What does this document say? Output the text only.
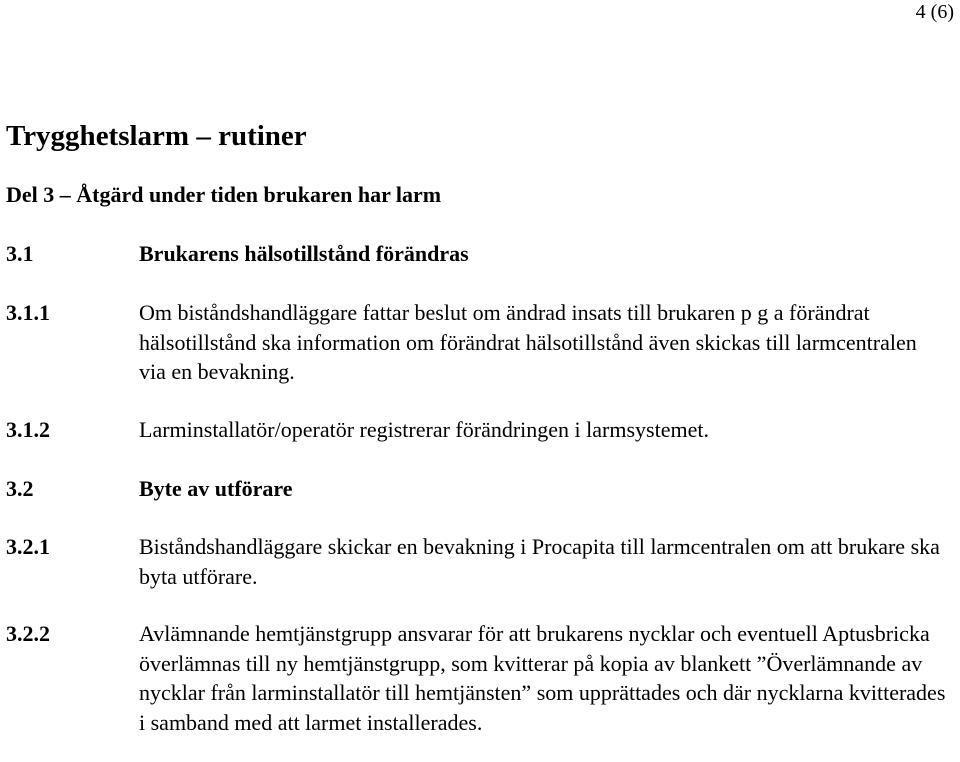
4 (6)
Trygghetslarm – rutiner
Del 3 – Åtgärd under tiden brukaren har larm
3.1	Brukarens hälsotillstånd förändras
3.1.1	Om biståndshandläggare fattar beslut om ändrad insats till brukaren p g a förändrat hälsotillstånd ska information om förändrat hälsotillstånd även skickas till larmcentralen via en bevakning.
3.1.2	Larminstallatör/operatör registrerar förändringen i larmsystemet.
3.2	Byte av utförare
3.2.1	Biståndshandläggare skickar en bevakning i Procapita till larmcentralen om att brukare ska byta utförare.
3.2.2	Avlämnande hemtjänstgrupp ansvarar för att brukarens nycklar och eventuell Aptusbricka överlämnas till ny hemtjänstgrupp, som kvitterar på kopia av blankett ”Överlämnande av nycklar från larminstallatör till hemtjänsten” som upprättades och där nycklarna kvitterades i samband med att larmet installerades.
